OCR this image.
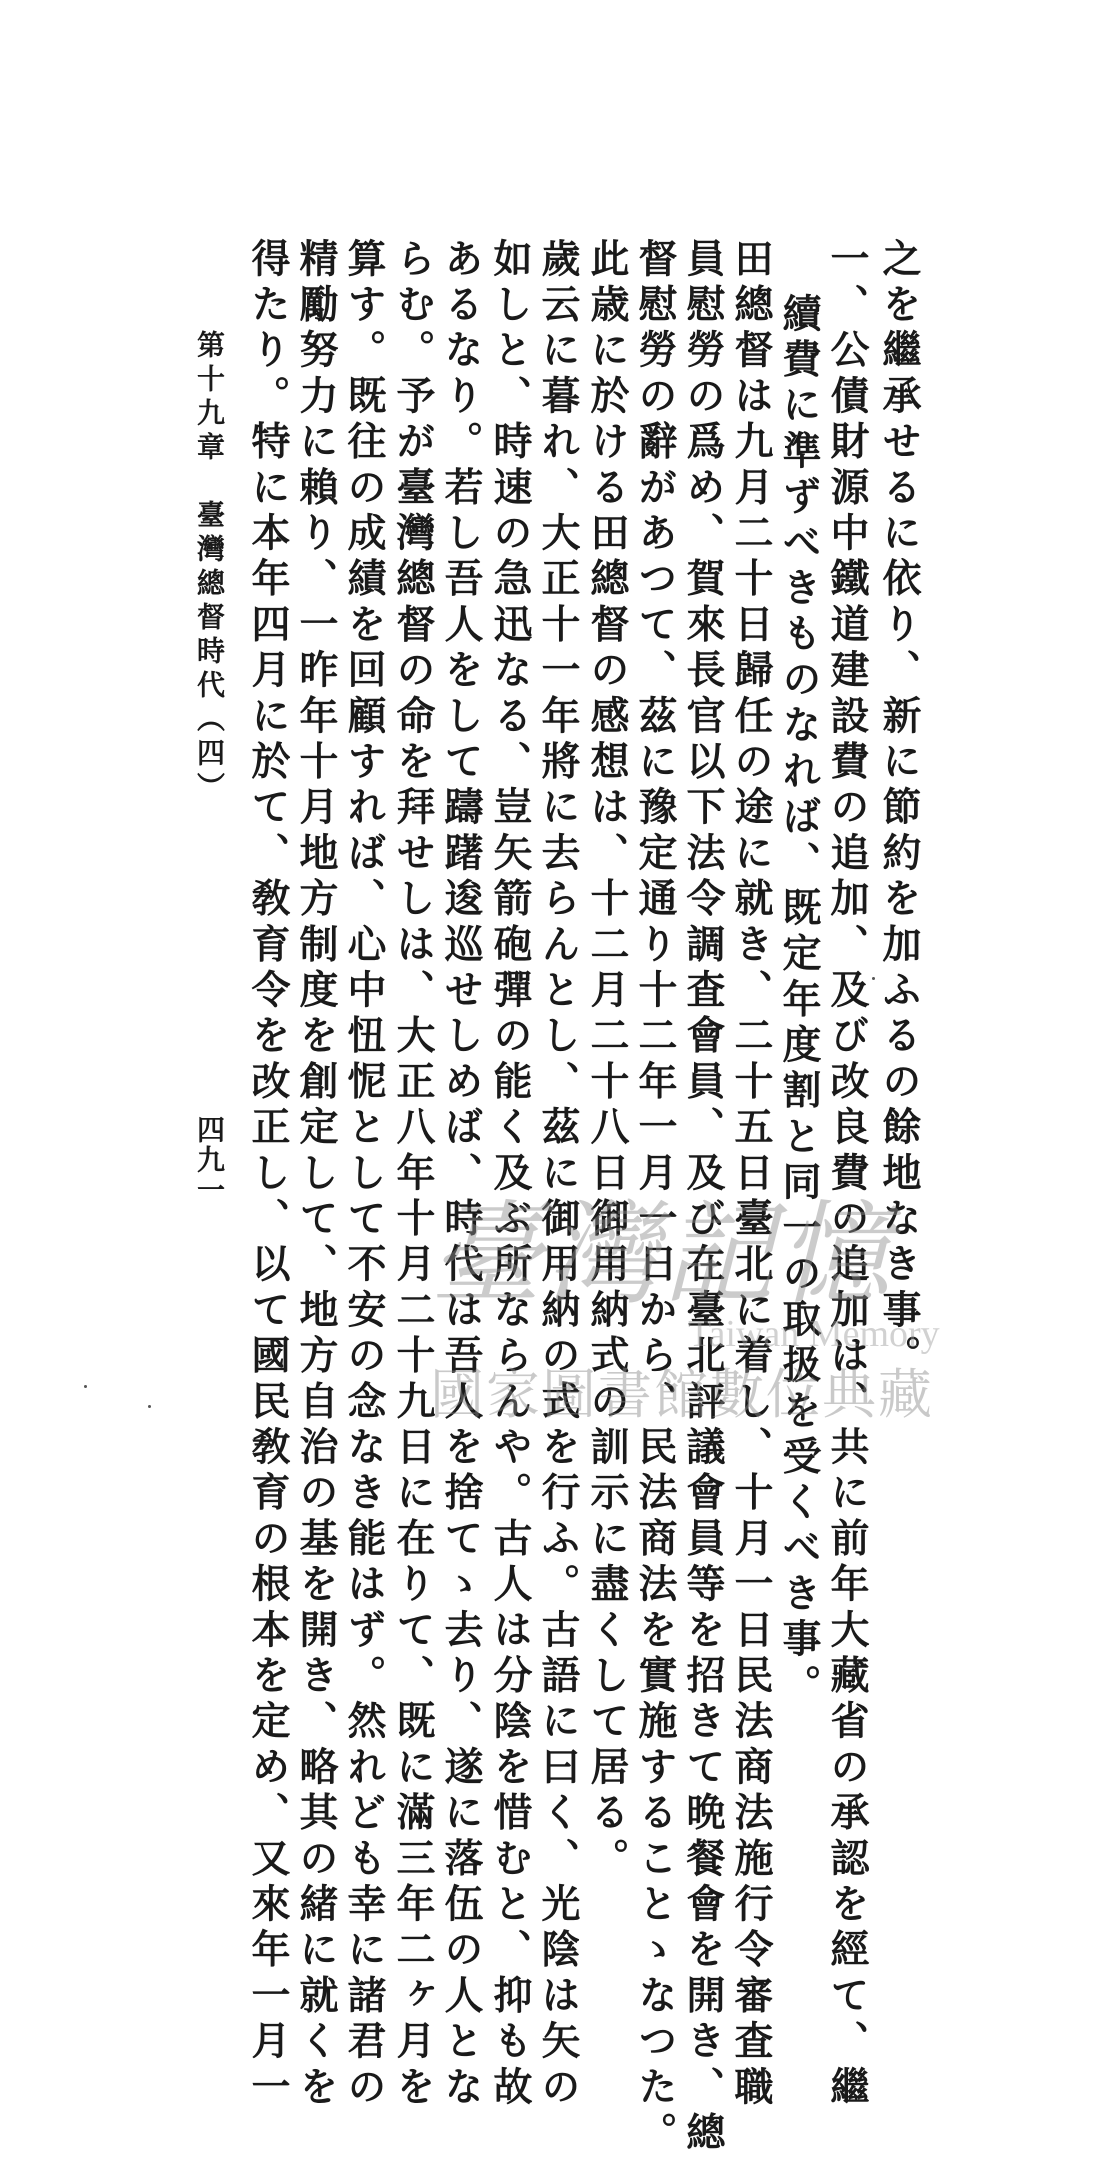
之を繼承せるに依り、新に節約を加ふるの餘地なき事。
一、公債財源中鐵道建設費の追加、及び改良費の追加は、共に前年大藏省の承認を經て、繼
續費に準ずべきものなれば、既定年度割と同一の取扱を受くべき事。
田總督は九月二十日歸任の途に就き、二十五日臺北に着し、十月一日民法商法施行令審査職
員慰勞の爲め、賀來長官以下法令調査會員、及び在臺北評議會員等を招きて晩餐會を開き、總
督慰勞の辭があつて、茲に豫定通り十二年一月一日から、民法商法を實施することゝなつた。
此歳に於ける田總督の感想は、十二月二十八日御用納式の訓示に盡くして居る。
歲云に暮れ、大正十一年將に去らんとし、茲に御用納の式を行ふ。古語に曰く、光陰は矢の
如しと、時速の急迅なる、豈矢箭砲彈の能く及ぶ所ならんや。古人は分陰を惜むと、抑も故
あるなり。若し吾人をして躊躇逡巡せしめば、時代は吾人を捨てゝ去り、遂に落伍の人とな
らむ。予が臺灣總督の命を拜せしは、大正八年十月二十九日に在りて、既に滿三年二ヶ月を
算す。既往の成績を回顧すれば、心中忸怩として不安の念なき能はず。然れども幸に諸君の
精勵努力に賴り、一昨年十月地方制度を創定して、地方自治の基を開き、略其の緒に就くを
得たり。特に本年四月に於て、敎育令を改正し、以て國民敎育の根本を定め、又來年一月一
第十九章　臺灣總督時代（四）
四九一
臺灣記憶
Taiwan Memory
國家圖書館數位典藏
